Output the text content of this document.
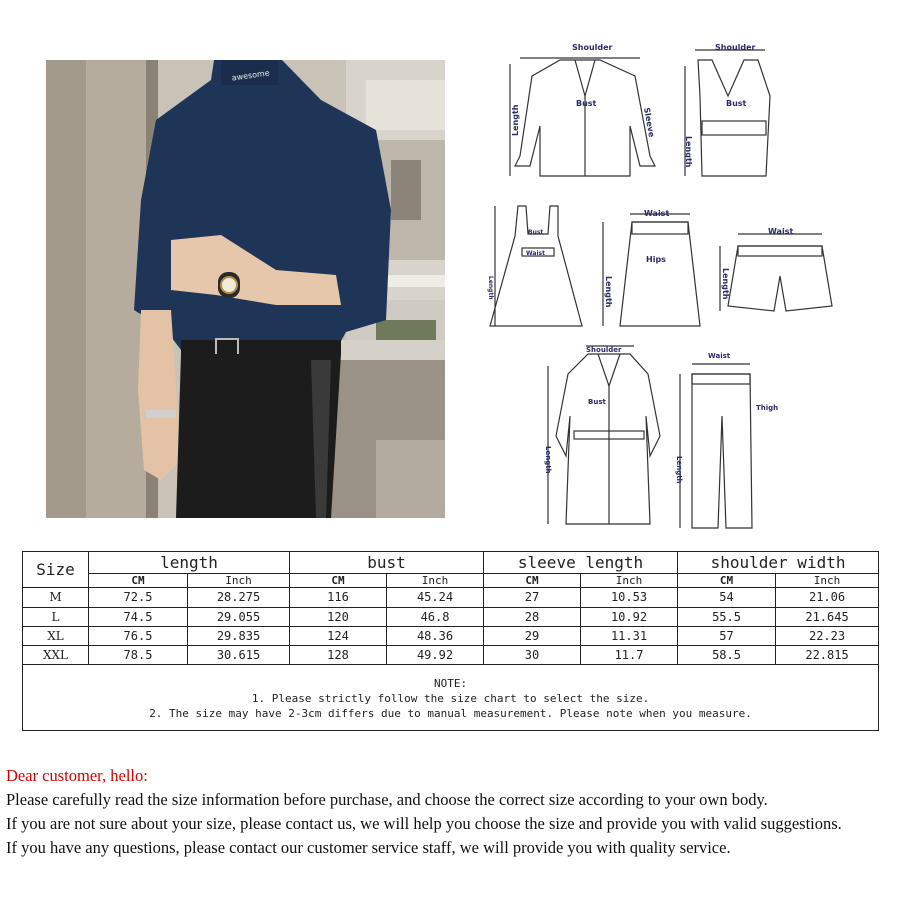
awesome
Shoulder
Length
Bust
Sleeve
Shoulder
Bust
Length
Bust
Waist
Length
Waist
Hips
Length
Waist
Length
Shoulder
Bust
Length
Waist
Thigh
Length
Size	length		bust		sleeve length		shoulder width	
	CM	Inch	CM	Inch	CM	Inch	CM	Inch
M	72.5	28.275	116	45.24	27	10.53	54	21.06
L	74.5	29.055	120	46.8	28	10.92	55.5	21.645
XL	76.5	29.835	124	48.36	29	11.31	57	22.23
XXL	78.5	30.615	128	49.92	30	11.7	58.5	22.815

NOTE:
1. Please strictly follow the size chart to select the size.
2. The size may have 2-3cm differs due to manual measurement. Please note when you measure.								
Dear customer, hello:
Please carefully read the size information before purchase, and choose the correct size according to your own body.
If you are not sure about your size, please contact us, we will help you choose the size and provide you with valid suggestions.
If you have any questions, please contact our customer service staff, we will provide you with quality service.
